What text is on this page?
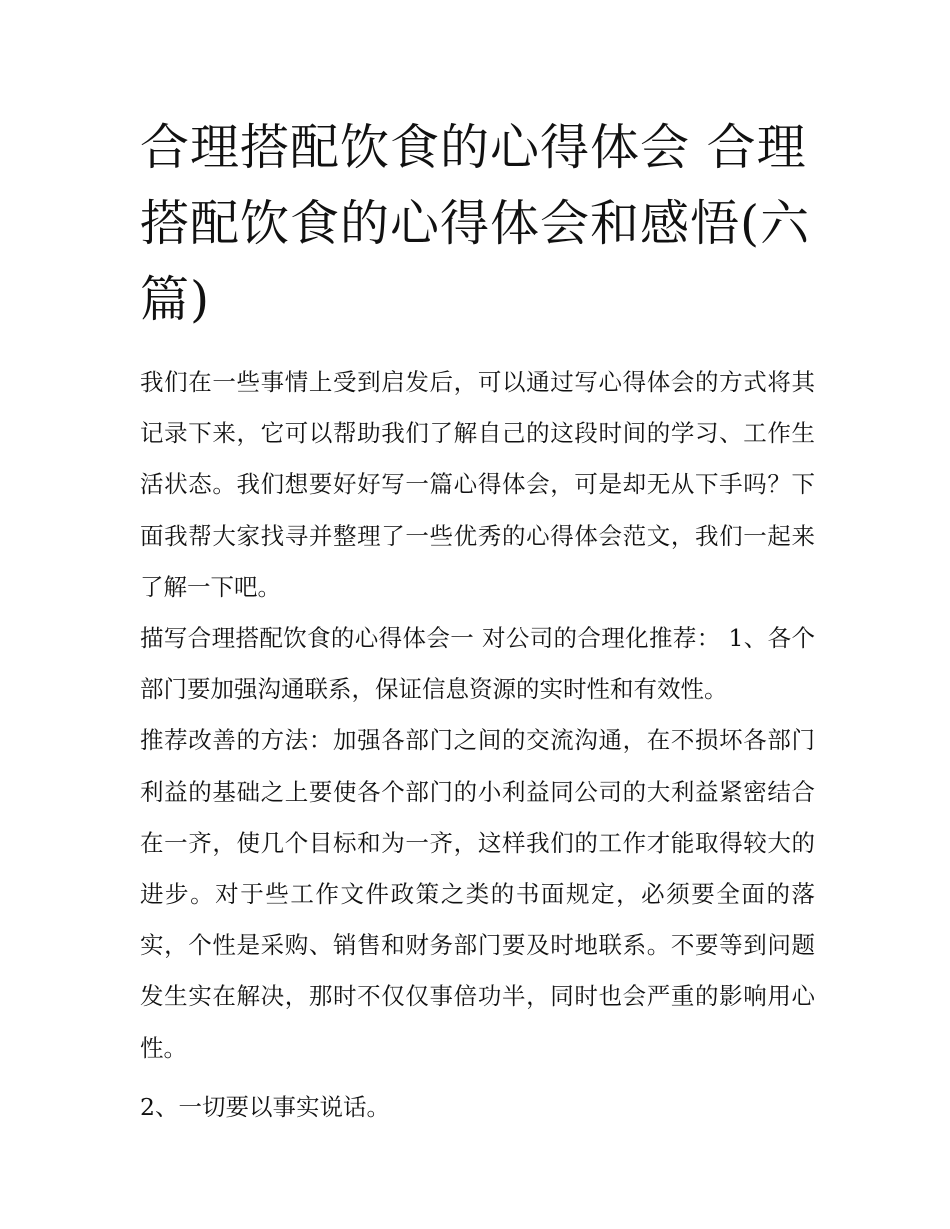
合理搭配饮食的心得体会 合理搭配饮食的心得体会和感悟(六篇)

我们在一些事情上受到启发后，可以通过写心得体会的方式将其记录下来，它可以帮助我们了解自己的这段时间的学习、工作生活状态。我们想要好好写一篇心得体会，可是却无从下手吗？下面我帮大家找寻并整理了一些优秀的心得体会范文，我们一起来了解一下吧。

描写合理搭配饮食的心得体会一 对公司的合理化推荐： 1、各个部门要加强沟通联系，保证信息资源的实时性和有效性。

推荐改善的方法：加强各部门之间的交流沟通，在不损坏各部门利益的基础之上要使各个部门的小利益同公司的大利益紧密结合在一齐，使几个目标和为一齐，这样我们的工作才能取得较大的进步。对于些工作文件政策之类的书面规定，必须要全面的落实，个性是采购、销售和财务部门要及时地联系。不要等到问题发生实在解决，那时不仅仅事倍功半，同时也会严重的影响用心性。

2、一切要以事实说话。
